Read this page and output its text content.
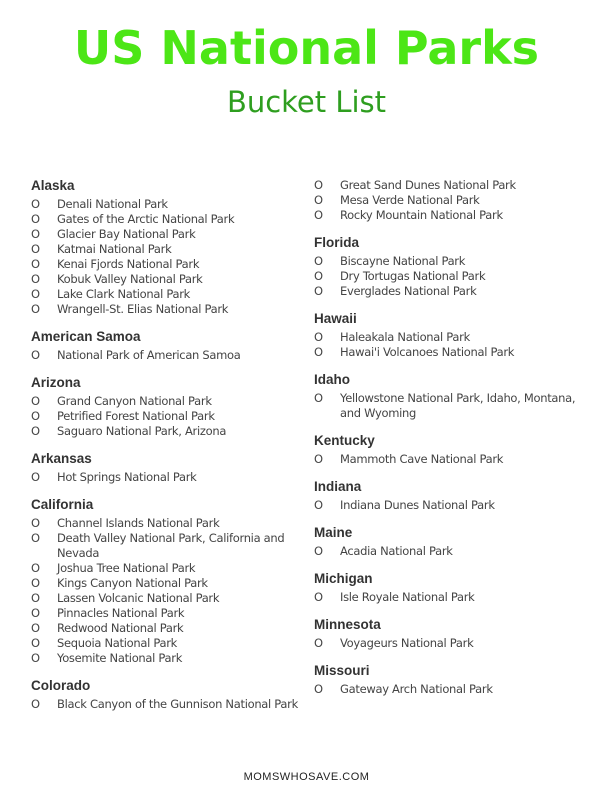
US National Parks
Bucket List
Alaska
O	Denali National Park
O	Gates of the Arctic National Park
O	Glacier Bay National Park
O	Katmai National Park
O	Kenai Fjords National Park
O	Kobuk Valley National Park
O	Lake Clark National Park
O	Wrangell-St. Elias National Park
American Samoa
O	National Park of American Samoa
Arizona
O	Grand Canyon National Park
O	Petrified Forest National Park
O	Saguaro National Park, Arizona
Arkansas
O	Hot Springs National Park
California
O	Channel Islands National Park
O	Death Valley National Park, California and Nevada
O	Joshua Tree National Park
O	Kings Canyon National Park
O	Lassen Volcanic National Park
O	Pinnacles National Park
O	Redwood National Park
O	Sequoia National Park
O	Yosemite National Park
Colorado
O	Black Canyon of the Gunnison National Park
O	Great Sand Dunes National Park
O	Mesa Verde National Park
O	Rocky Mountain National Park
Florida
O	Biscayne National Park
O	Dry Tortugas National Park
O	Everglades National Park
Hawaii
O	Haleakala National Park
O	Hawai'i Volcanoes National Park
Idaho
O	Yellowstone National Park, Idaho, Montana, and Wyoming
Kentucky
O	Mammoth Cave National Park
Indiana
O	Indiana Dunes National Park
Maine
O	Acadia National Park
Michigan
O	Isle Royale National Park
Minnesota
O	Voyageurs National Park
Missouri
O	Gateway Arch National Park
MOMSWHOSAVE.COM
